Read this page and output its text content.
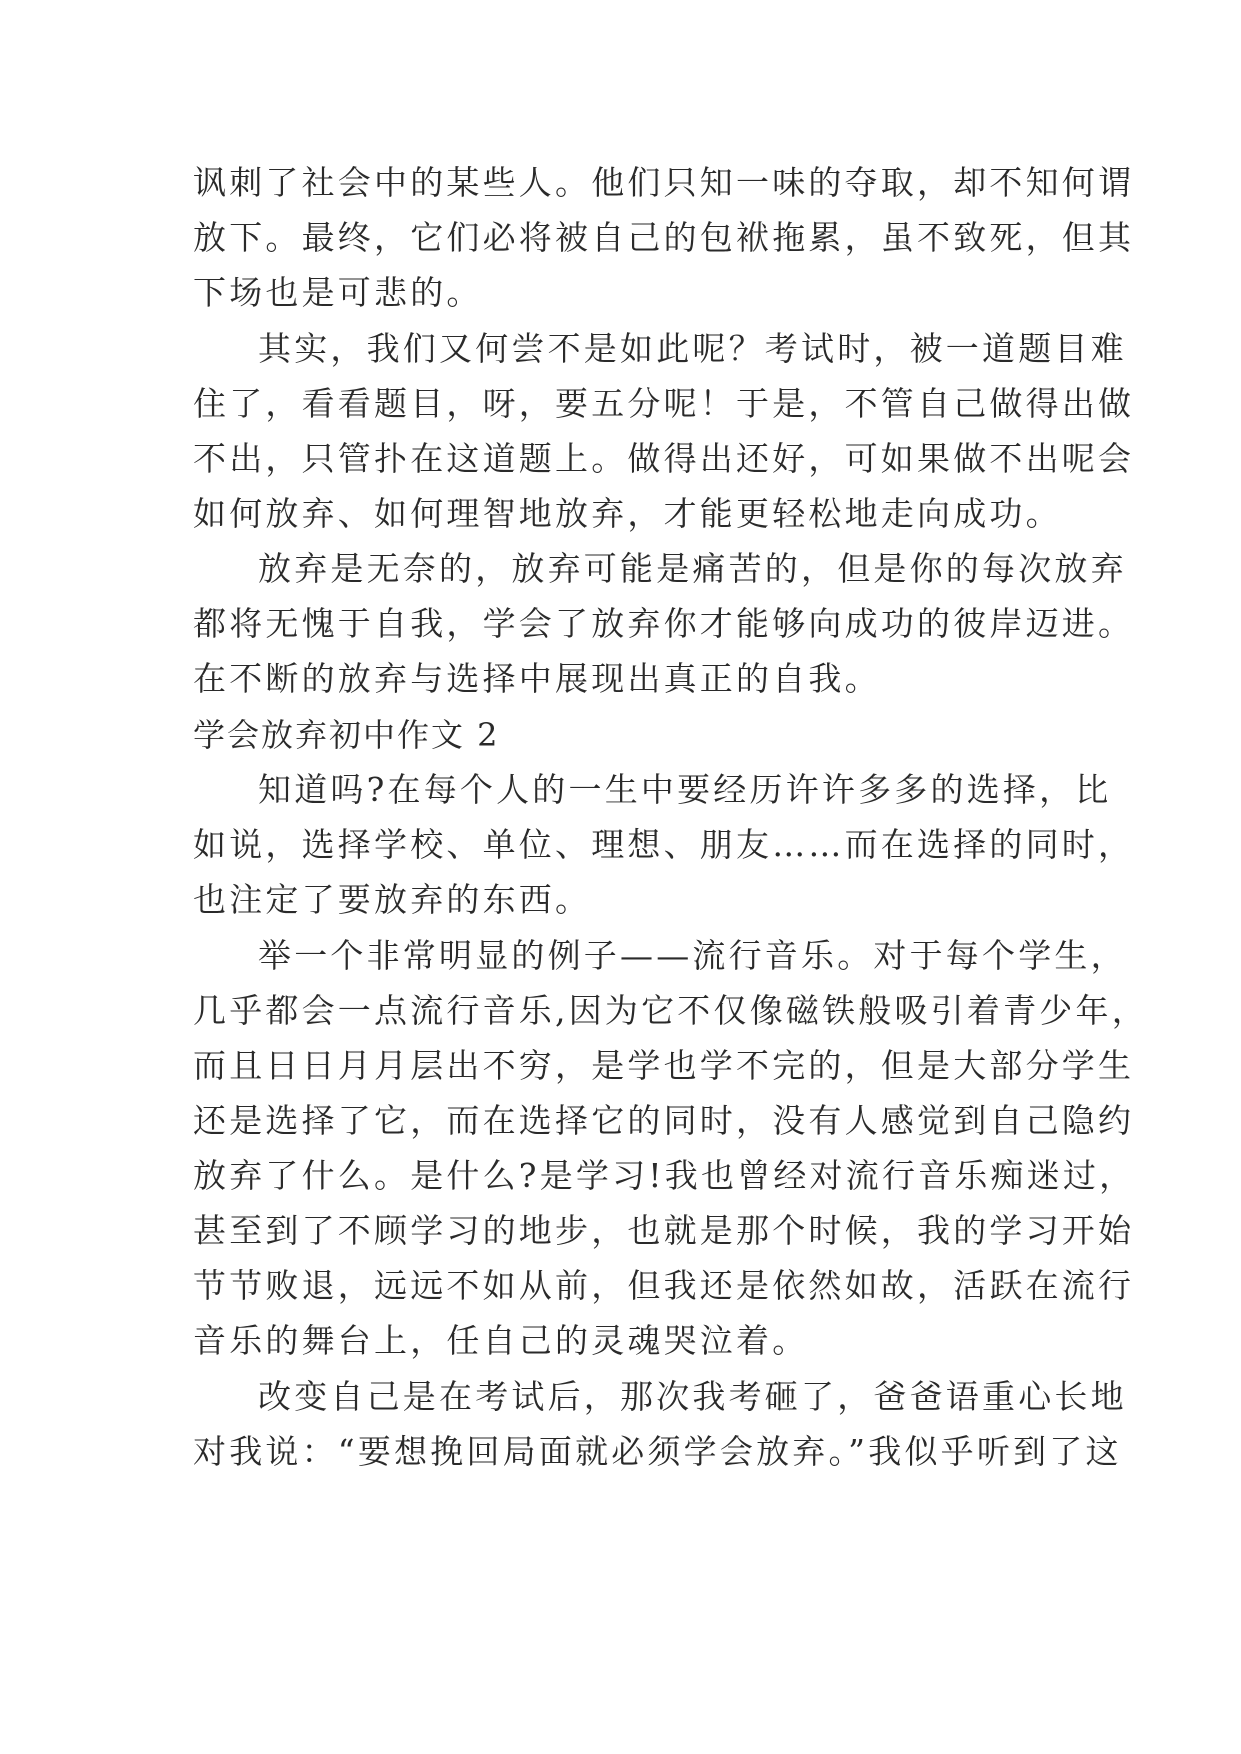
讽刺了社会中的某些人。他们只知一味的夺取，却不知何谓
放下。最终，它们必将被自己的包袱拖累，虽不致死，但其
下场也是可悲的。
其实，我们又何尝不是如此呢？考试时，被一道题目难
住了，看看题目，呀，要五分呢！于是，不管自己做得出做
不出，只管扑在这道题上。做得出还好，可如果做不出呢会
如何放弃、如何理智地放弃，才能更轻松地走向成功。
放弃是无奈的，放弃可能是痛苦的，但是你的每次放弃
都将无愧于自我，学会了放弃你才能够向成功的彼岸迈进。
在不断的放弃与选择中展现出真正的自我。
学会放弃初中作文 2
知道吗?在每个人的一生中要经历许许多多的选择，比
如说，选择学校、单位、理想、朋友……而在选择的同时，
也注定了要放弃的东西。
举一个非常明显的例子——流行音乐。对于每个学生，
几乎都会一点流行音乐,因为它不仅像磁铁般吸引着青少年，
而且日日月月层出不穷，是学也学不完的，但是大部分学生
还是选择了它，而在选择它的同时，没有人感觉到自己隐约
放弃了什么。是什么?是学习!我也曾经对流行音乐痴迷过，
甚至到了不顾学习的地步，也就是那个时候，我的学习开始
节节败退，远远不如从前，但我还是依然如故，活跃在流行
音乐的舞台上，任自己的灵魂哭泣着。
改变自己是在考试后，那次我考砸了，爸爸语重心长地
对我说：“要想挽回局面就必须学会放弃。”我似乎听到了这
